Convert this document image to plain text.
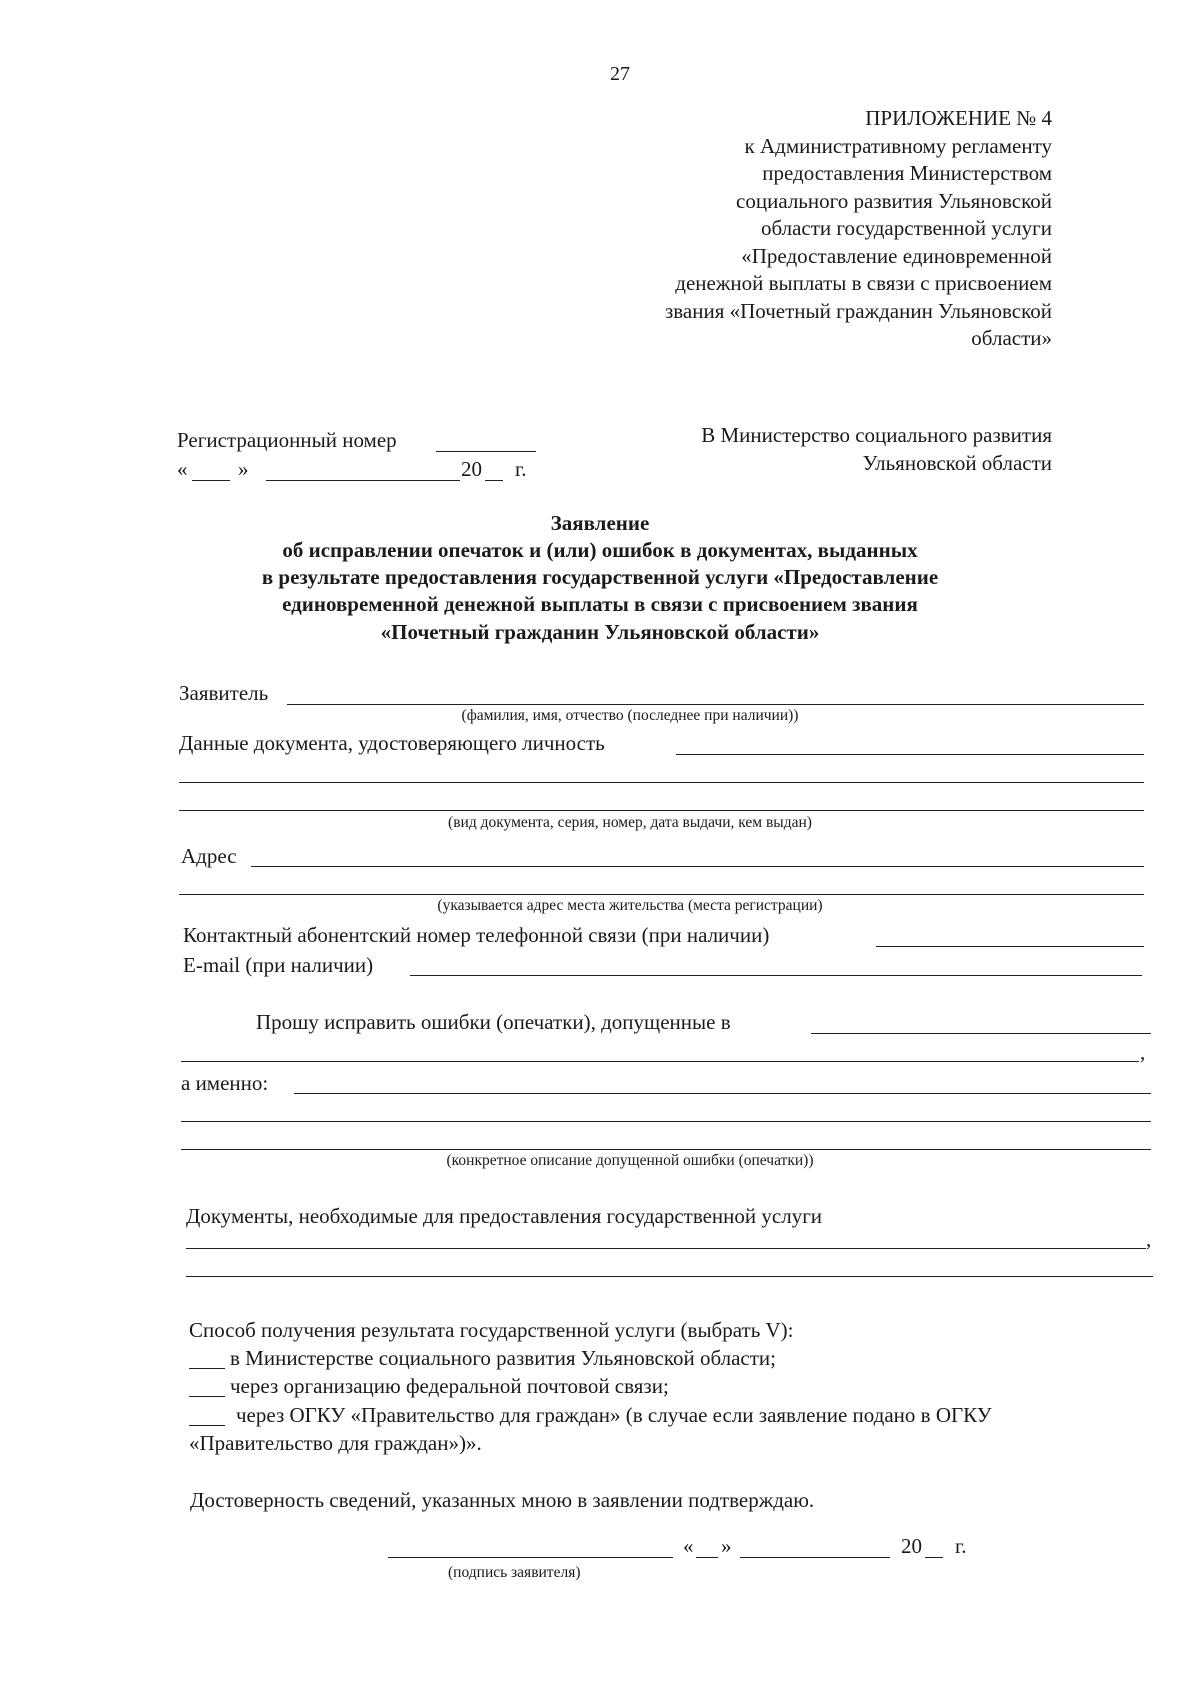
27
ПРИЛОЖЕНИЕ № 4
к Административному регламенту
предоставления Министерством
социального развития Ульяновской
области государственной услуги
«Предоставление единовременной
денежной выплаты в связи с присвоением
звания «Почетный гражданин Ульяновской
области»
Регистрационный номер
« »	20 г.
В Министерство социального развития
Ульяновской области
Заявление
об исправлении опечаток и (или) ошибок в документах, выданных
в результате предоставления государственной услуги «Предоставление
единовременной денежной выплаты в связи с присвоением звания
«Почетный гражданин Ульяновской области»
Заявитель
(фамилия, имя, отчество (последнее при наличии))
Данные документа, удостоверяющего личность
(вид документа, серия, номер, дата выдачи, кем выдан)
Адрес
(указывается адрес места жительства (места регистрации)
Контактный абонентский номер телефонной связи (при наличии)
E-mail (при наличии)
Прошу исправить ошибки (опечатки), допущенные в
,
а именно:
(конкретное описание допущенной ошибки (опечатки))
Документы, необходимые для предоставления государственной услуги
,
Способ получения результата государственной услуги (выбрать V):
в Министерстве социального развития Ульяновской области;
через организацию федеральной почтовой связи;
через ОГКУ «Правительство для граждан» (в случае если заявление подано в ОГКУ
«Правительство для граждан»)».
Достоверность сведений, указанных мною в заявлении подтверждаю.
« »	20 г.
(подпись заявителя)
